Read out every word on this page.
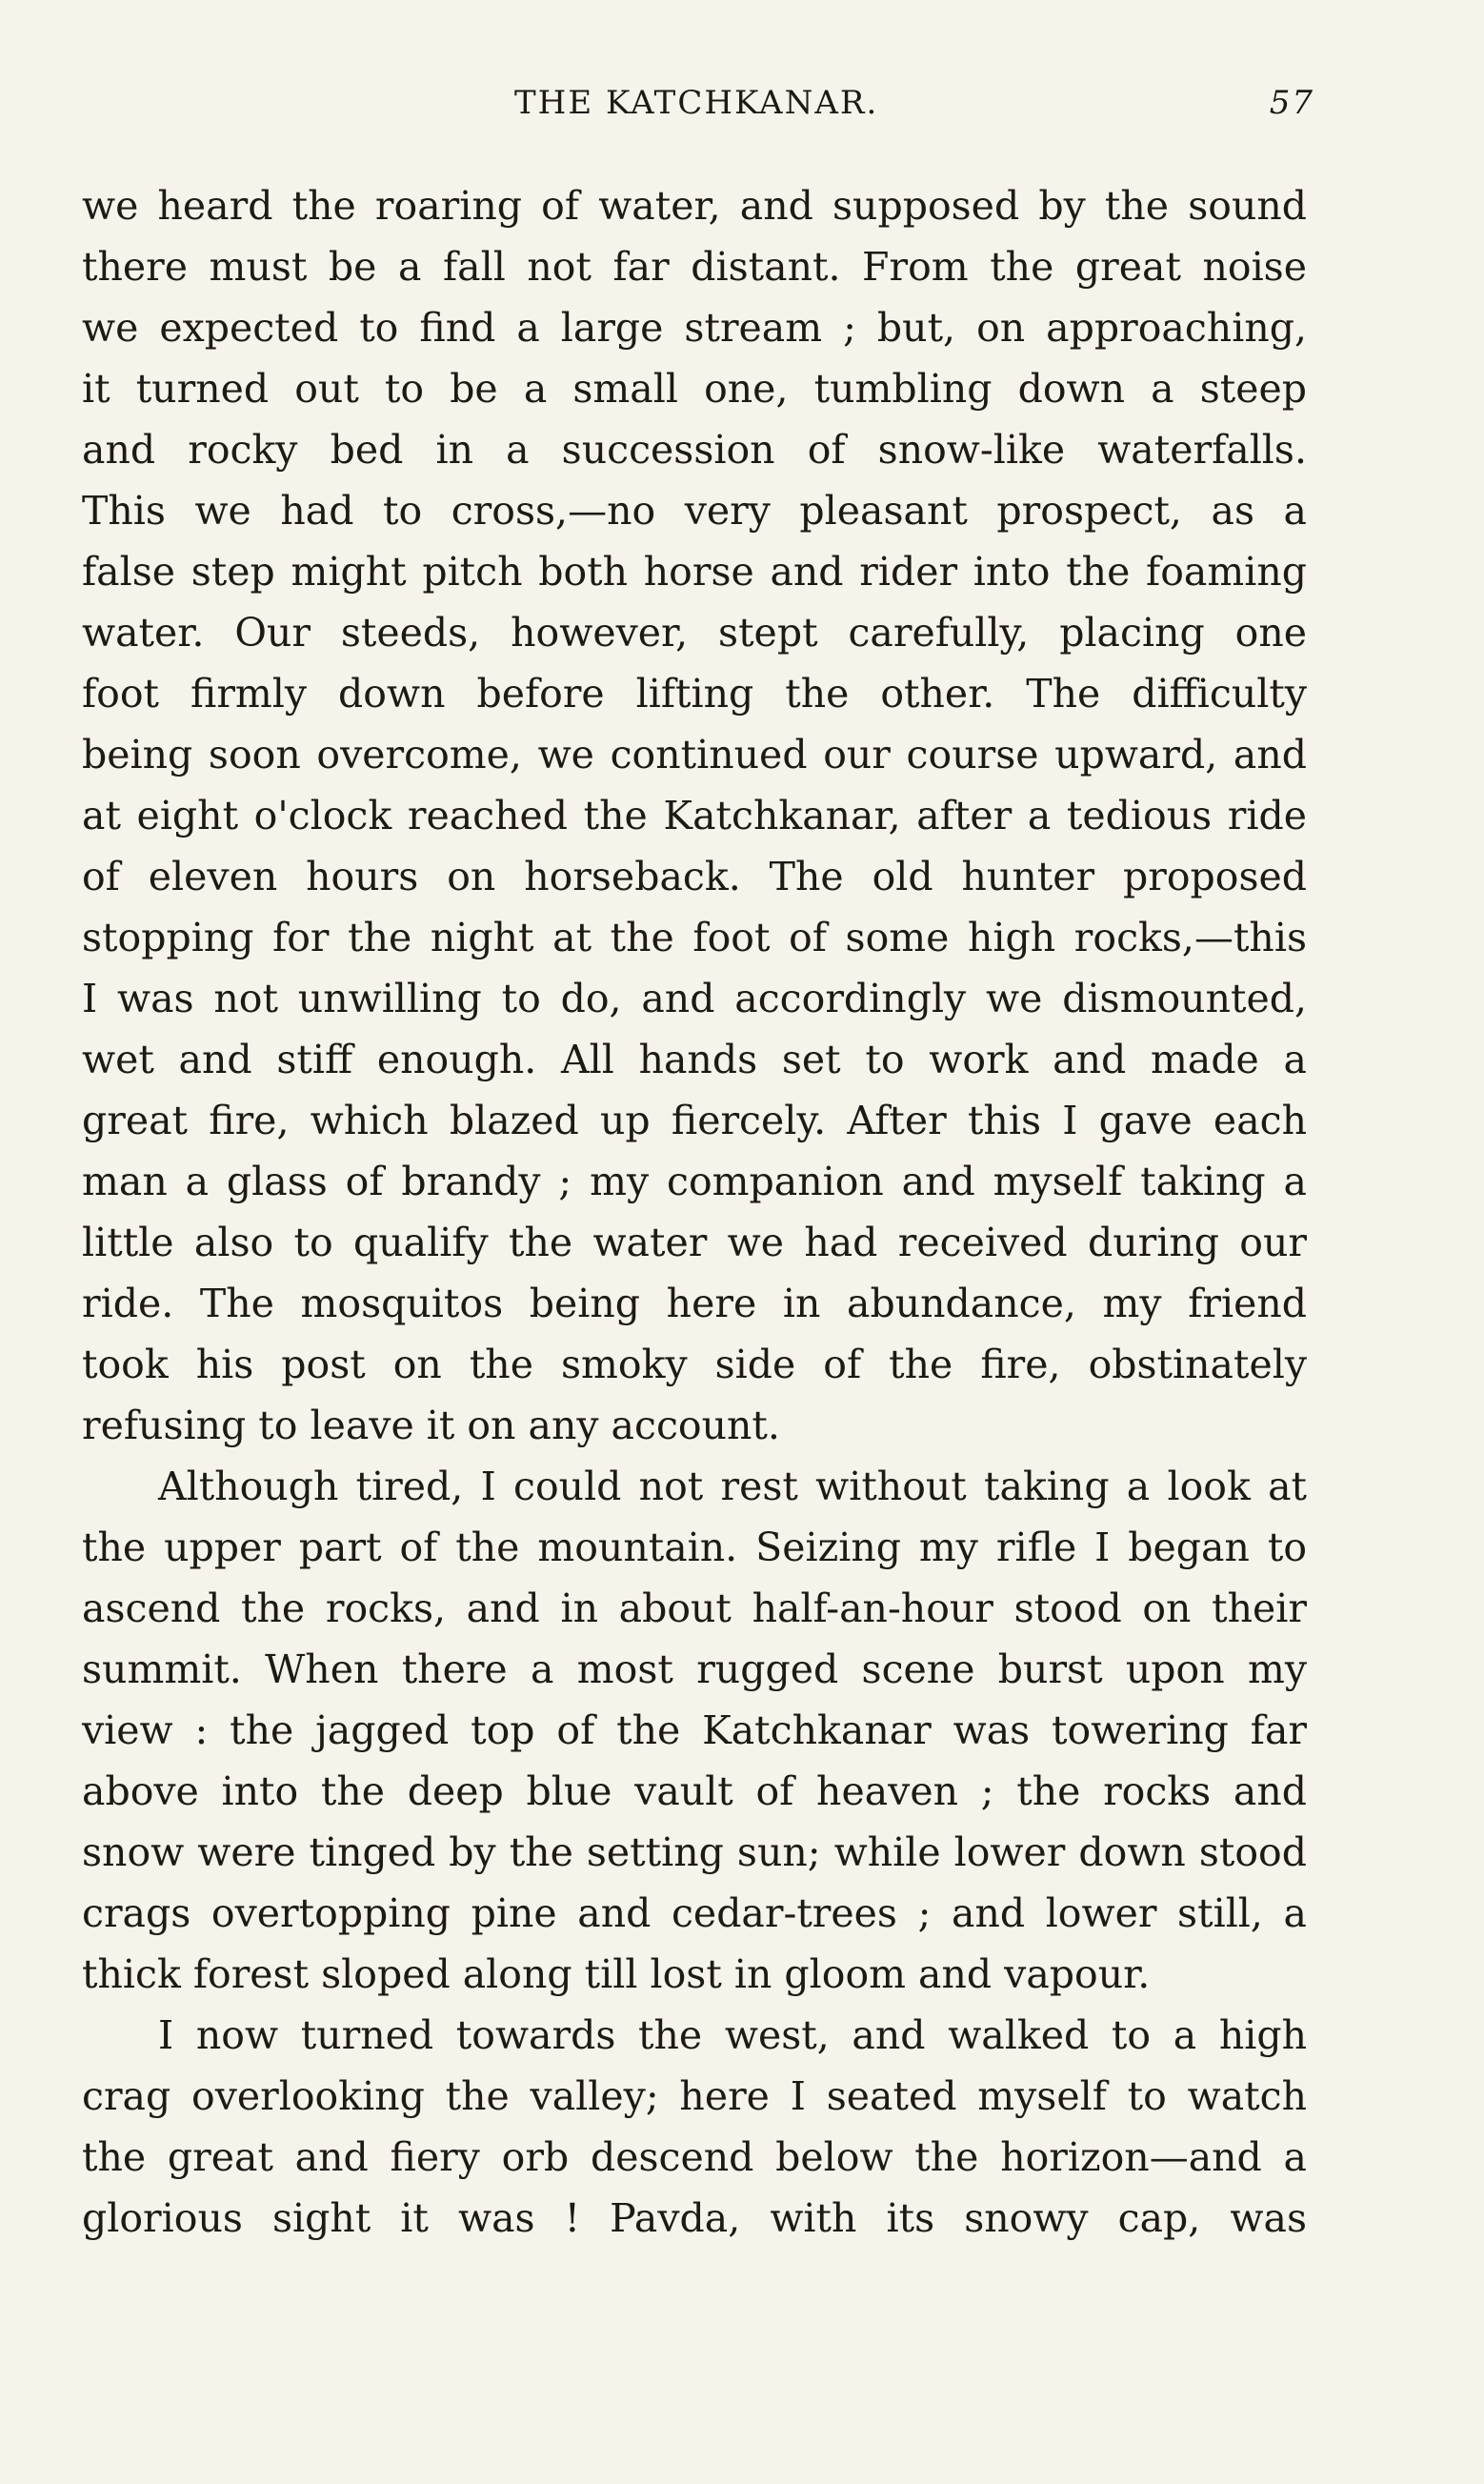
THE KATCHKANAR.	57
we heard the roaring of water, and supposed by the sound
there must be a fall not far distant. From the great noise
we expected to find a large stream ; but, on approaching,
it turned out to be a small one, tumbling down a steep
and rocky bed in a succession of snow-like waterfalls.
This we had to cross,—no very pleasant prospect, as a
false step might pitch both horse and rider into the foaming
water. Our steeds, however, stept carefully, placing one
foot firmly down before lifting the other. The difficulty
being soon overcome, we continued our course upward, and
at eight o'clock reached the Katchkanar, after a tedious ride
of eleven hours on horseback. The old hunter proposed
stopping for the night at the foot of some high rocks,—this
I was not unwilling to do, and accordingly we dismounted,
wet and stiff enough. All hands set to work and made a
great fire, which blazed up fiercely. After this I gave each
man a glass of brandy ; my companion and myself taking a
little also to qualify the water we had received during our
ride. The mosquitos being here in abundance, my friend
took his post on the smoky side of the fire, obstinately
refusing to leave it on any account.
Although tired, I could not rest without taking a look at
the upper part of the mountain. Seizing my rifle I began to
ascend the rocks, and in about half-an-hour stood on their
summit. When there a most rugged scene burst upon my
view : the jagged top of the Katchkanar was towering far
above into the deep blue vault of heaven ; the rocks and
snow were tinged by the setting sun; while lower down stood
crags overtopping pine and cedar-trees ; and lower still, a
thick forest sloped along till lost in gloom and vapour.
I now turned towards the west, and walked to a high
crag overlooking the valley; here I seated myself to watch
the great and fiery orb descend below the horizon—and a
glorious sight it was ! Pavda, with its snowy cap, was
